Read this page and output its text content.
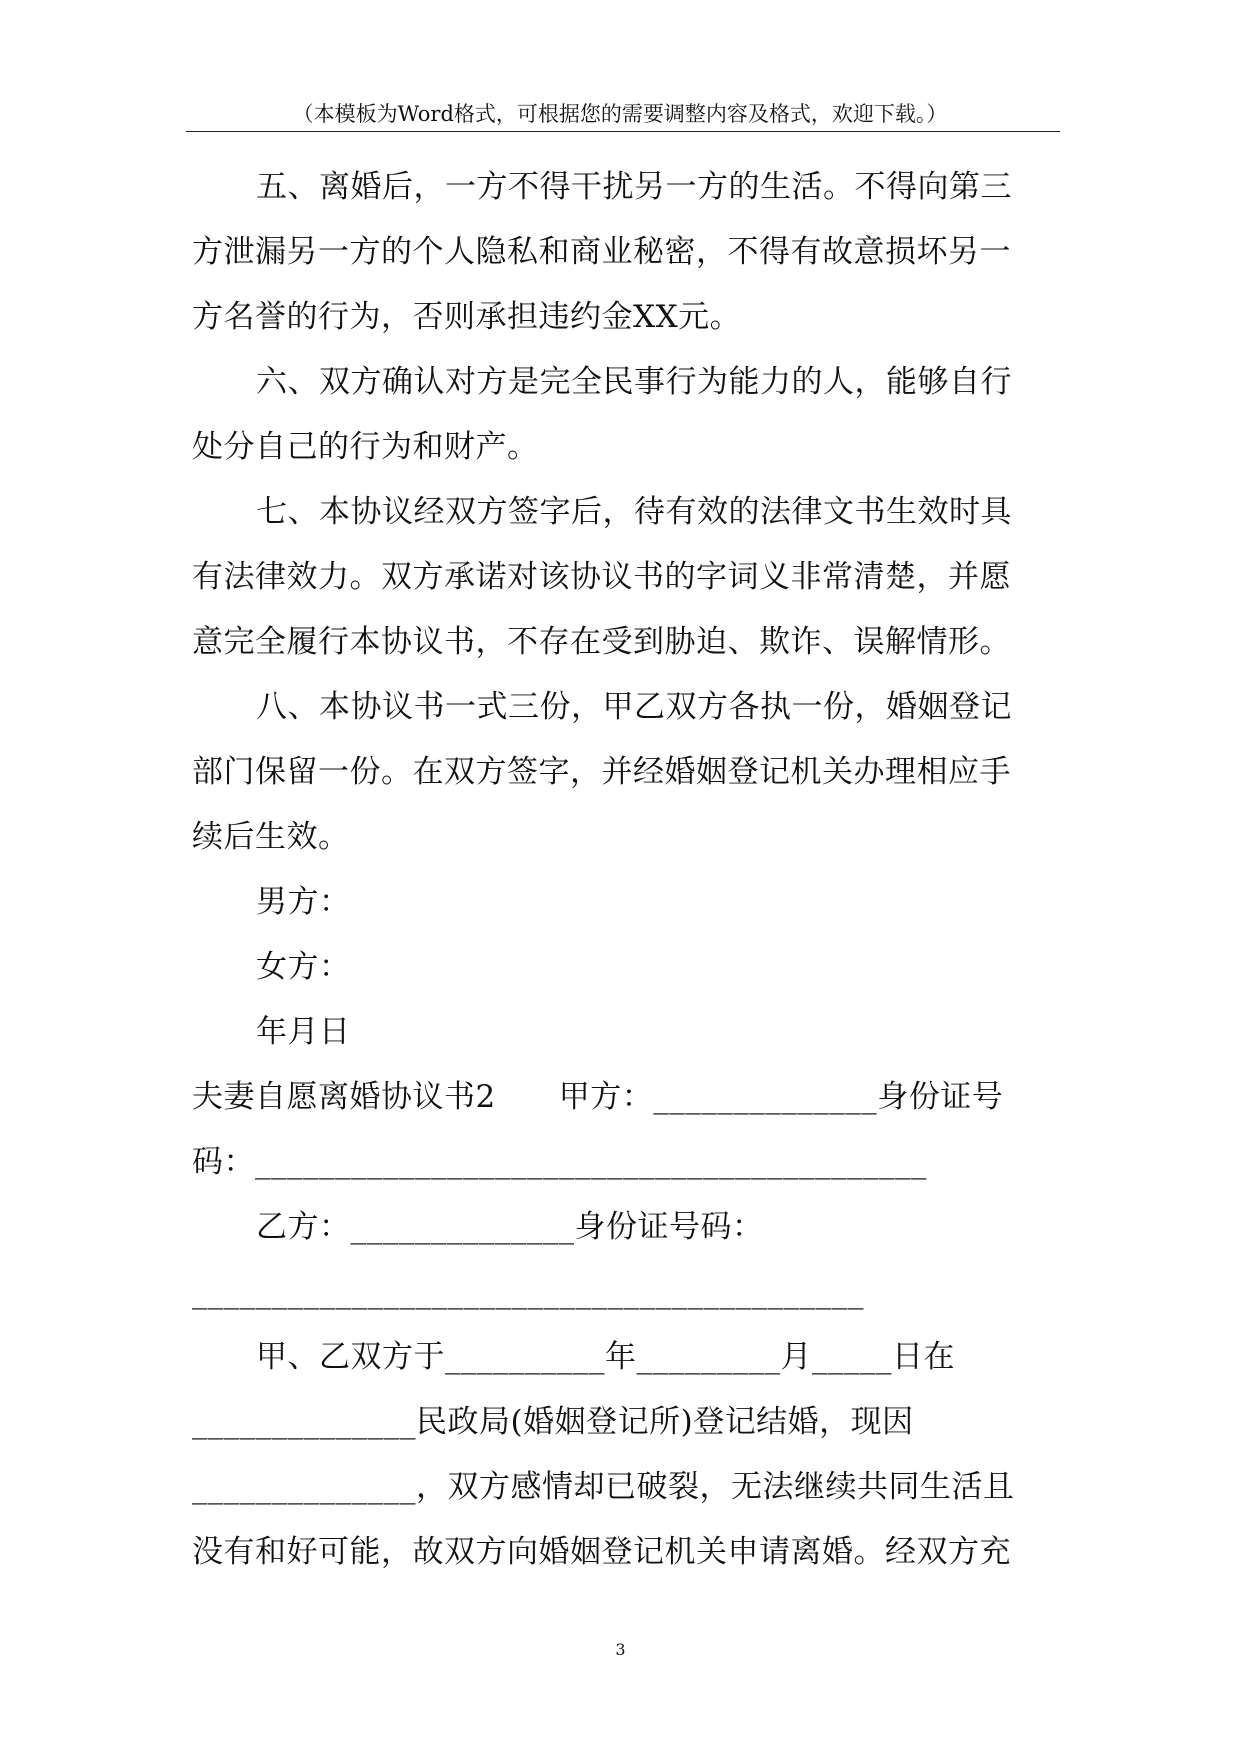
（本模板为Word格式，可根据您的需要调整内容及格式，欢迎下载。）
五、离婚后，一方不得干扰另一方的生活。不得向第三
方泄漏另一方的个人隐私和商业秘密，不得有故意损坏另一
方名誉的行为，否则承担违约金XX元。
六、双方确认对方是完全民事行为能力的人，能够自行
处分自己的行为和财产。
七、本协议经双方签字后，待有效的法律文书生效时具
有法律效力。双方承诺对该协议书的字词义非常清楚，并愿
意完全履行本协议书，不存在受到胁迫、欺诈、误解情形。
八、本协议书一式三份，甲乙双方各执一份，婚姻登记
部门保留一份。在双方签字，并经婚姻登记机关办理相应手
续后生效。
男方：
女方：
年月日
夫妻自愿离婚协议书2　　甲方：______________身份证号
码：__________________________________________
乙方：______________身份证号码：
__________________________________________
甲、乙双方于__________年_________月_____日在
______________民政局(婚姻登记所)登记结婚，现因
______________，双方感情却已破裂，无法继续共同生活且
没有和好可能，故双方向婚姻登记机关申请离婚。经双方充
3
